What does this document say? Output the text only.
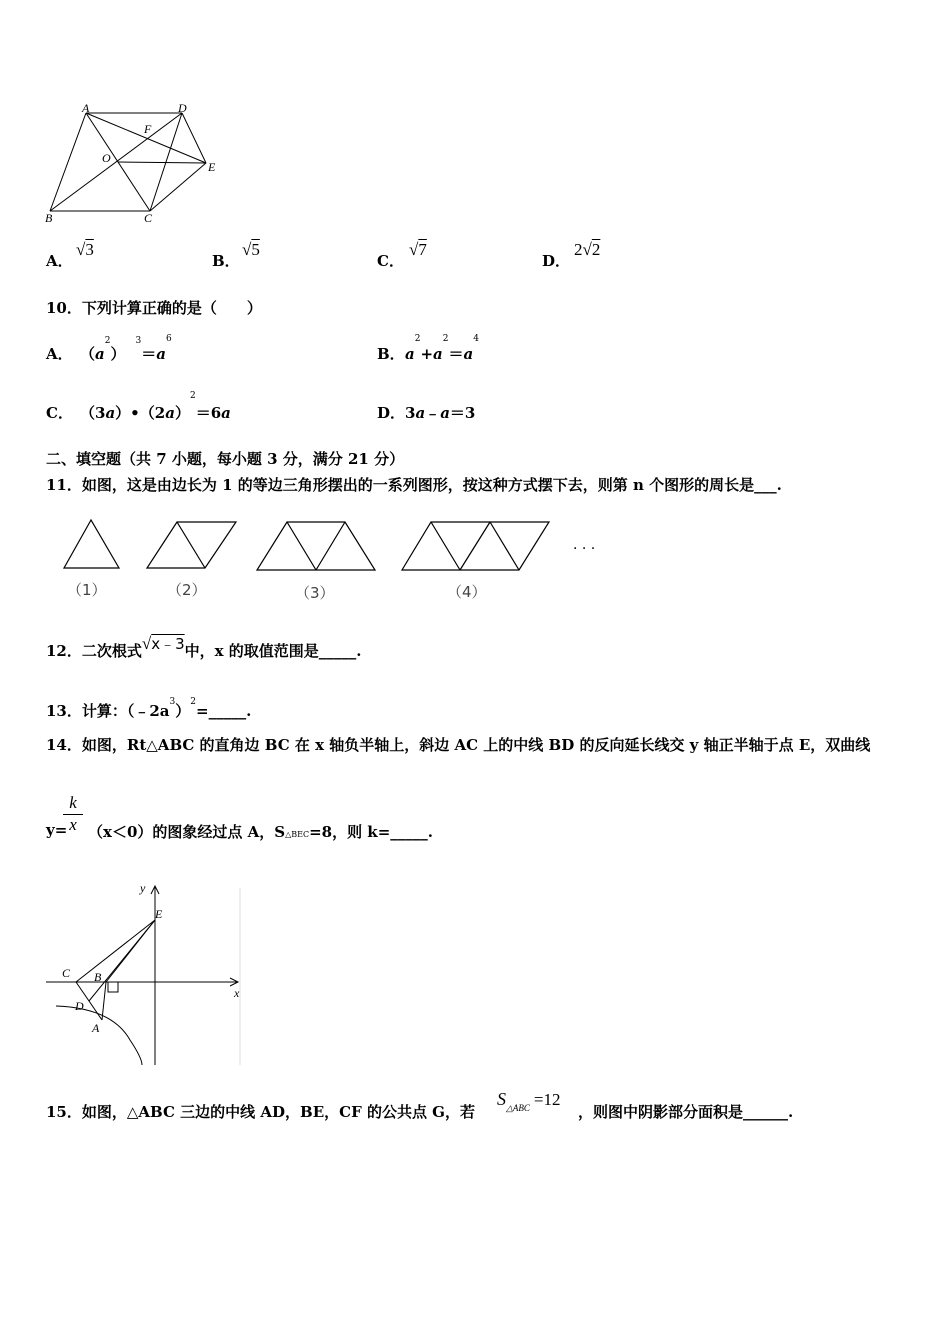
A	D
F
O
E
B	C
A．
√3
B．
√5
C．
√7
D．
2√2
10．下列计算正确的是（　　）
A． $(a^2)^3=a^6$
B． $a^2+a^2=a^4$
C． $(3a)•(2a)^2=6a$	D． 3a﹣a＝3
二、填空题（共 7 小题，每小题 3 分，满分 21 分）
11．如图，这是由边长为 1 的等边三角形摆出的一系列图形，按这种方式摆下去，则第 n 个图形的周长是___.
（1）	（2）	（3）	（4）
· · ·
12．二次根式√x﹣3中，x 的取值范围是_____.
13．计算：$(﹣2a^3)^2=\_\_\_\_\_$.
14．如图，Rt△ABC 的直角边 BC 在 x 轴负半轴上，斜边 AC 上的中线 BD 的反向延长线交 y 轴正半轴于点 E，双曲线
$\frac{k}{x}$
y= （x＜0）的图象经过点 A，S△BEC=8，则 k=_____.
y
x
E
C B
D
A
15．如图，△ABC 三边的中线 AD，BE，CF 的公共点 G，若
$S_{\triangle ABC} =12$
，则图中阴影部分面积是______.
